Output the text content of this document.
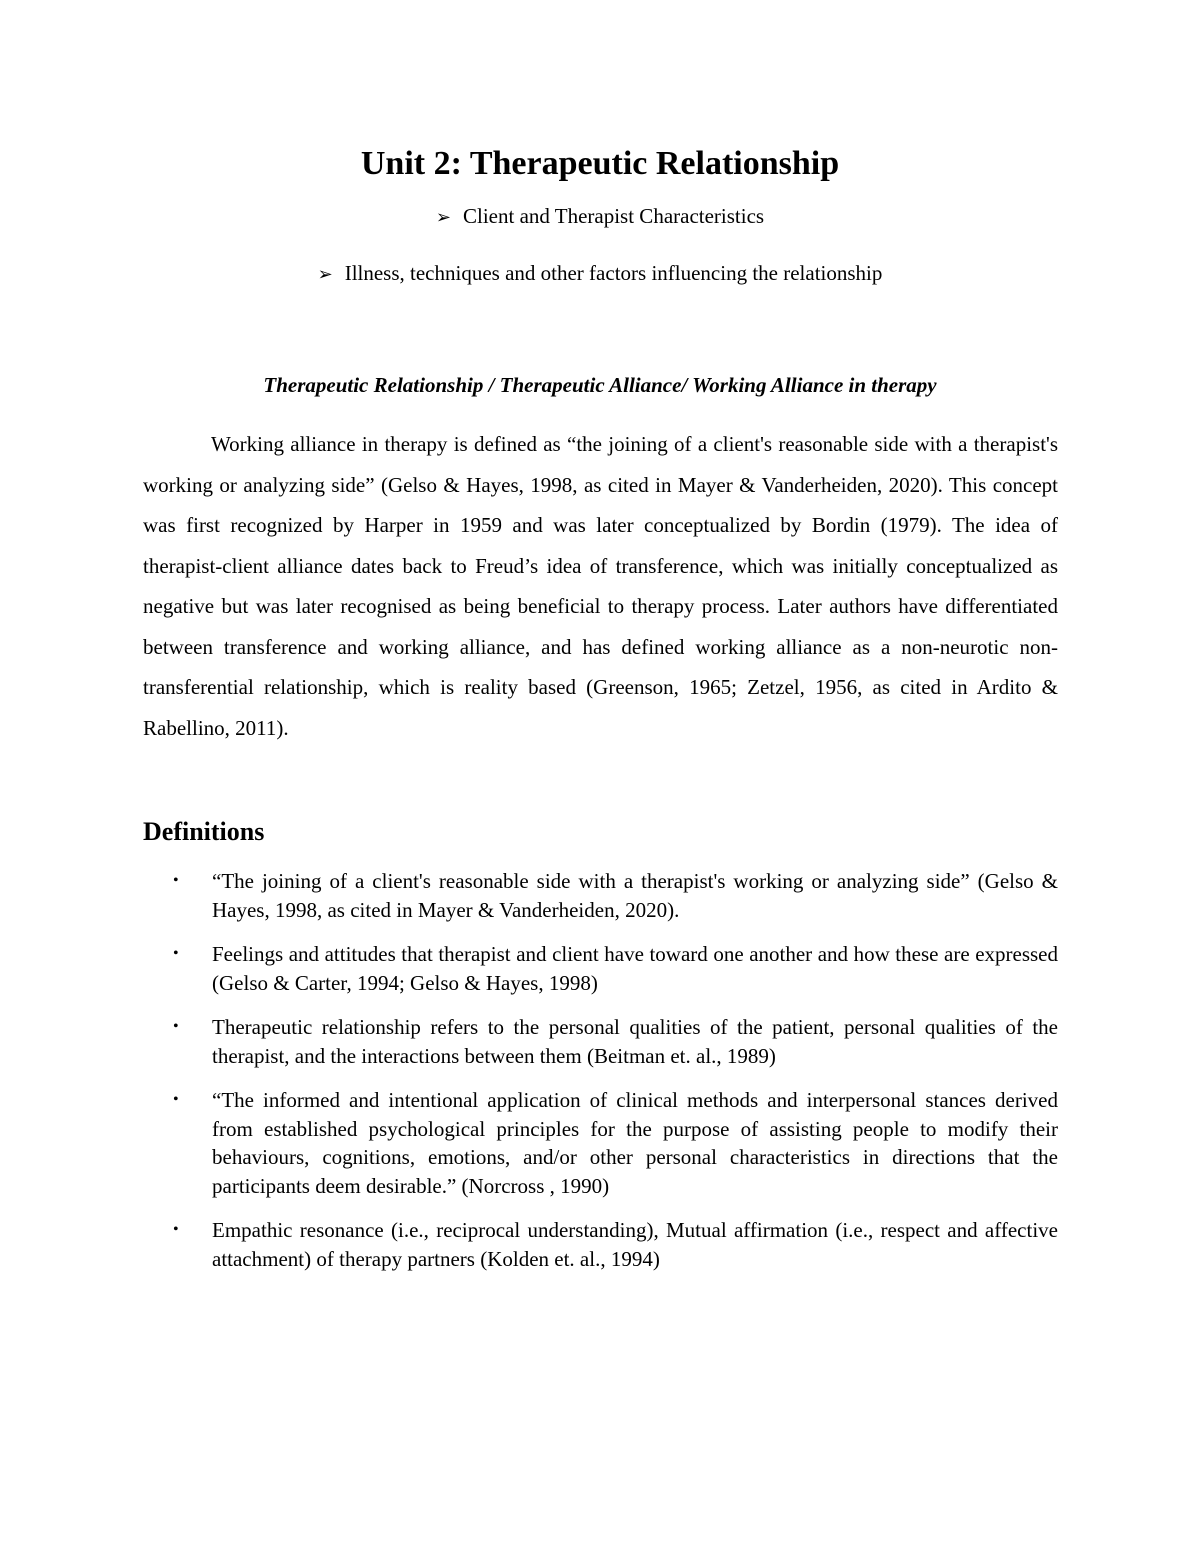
Unit 2: Therapeutic Relationship
➢ Client and Therapist Characteristics
➢ Illness, techniques and other factors influencing the relationship
Therapeutic Relationship / Therapeutic Alliance/ Working Alliance in therapy

Working alliance in therapy is defined as “the joining of a client's reasonable side with a therapist's working or analyzing side” (Gelso & Hayes, 1998, as cited in Mayer & Vanderheiden, 2020). This concept was first recognized by Harper in 1959 and was later conceptualized by Bordin (1979). The idea of therapist-client alliance dates back to Freud’s idea of transference, which was initially conceptualized as negative but was later recognised as being beneficial to therapy process. Later authors have differentiated between transference and working alliance, and has defined working alliance as a non-neurotic non-transferential relationship, which is reality based (Greenson, 1965; Zetzel, 1956, as cited in Ardito & Rabellino, 2011).

Definitions
• “The joining of a client's reasonable side with a therapist's working or analyzing side” (Gelso & Hayes, 1998, as cited in Mayer & Vanderheiden, 2020).
• Feelings and attitudes that therapist and client have toward one another and how these are expressed (Gelso & Carter, 1994; Gelso & Hayes, 1998)
• Therapeutic relationship refers to the personal qualities of the patient, personal qualities of the therapist, and the interactions between them (Beitman et. al., 1989)
• “The informed and intentional application of clinical methods and interpersonal stances derived from established psychological principles for the purpose of assisting people to modify their behaviours, cognitions, emotions, and/or other personal characteristics in directions that the participants deem desirable.” (Norcross , 1990)
• Empathic resonance (i.e., reciprocal understanding), Mutual affirmation (i.e., respect and affective attachment) of therapy partners (Kolden et. al., 1994)
